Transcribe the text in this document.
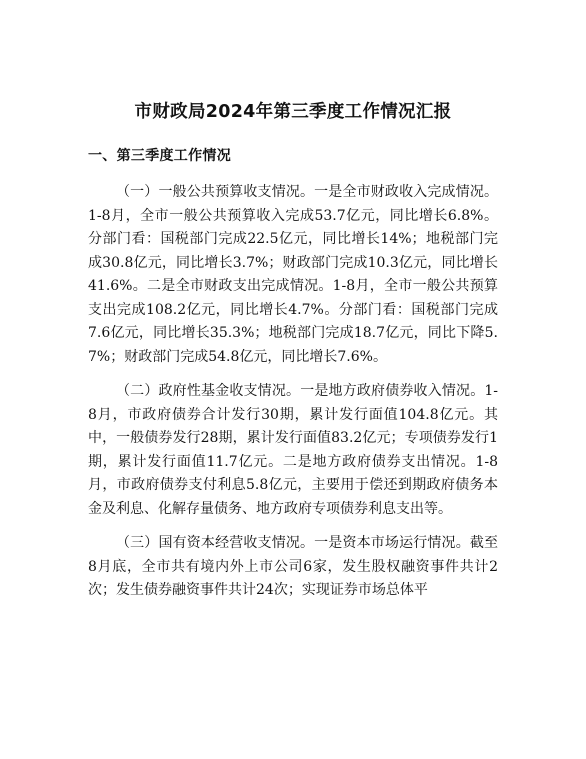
市财政局2024年第三季度工作情况汇报
一、第三季度工作情况

（一）一般公共预算收支情况。一是全市财政收入完成情况。1-8月，全市一般公共预算收入完成53.7亿元，同比增长6.8%。分部门看：国税部门完成22.5亿元，同比增长14%；地税部门完成30.8亿元，同比增长3.7%；财政部门完成10.3亿元，同比增长41.6%。二是全市财政支出完成情况。1-8月，全市一般公共预算支出完成108.2亿元，同比增长4.7%。分部门看：国税部门完成7.6亿元，同比增长35.3%；地税部门完成18.7亿元，同比下降5.7%；财政部门完成54.8亿元，同比增长7.6%。

（二）政府性基金收支情况。一是地方政府债券收入情况。1-8月，市政府债券合计发行30期，累计发行面值104.8亿元。其中，一般债券发行28期，累计发行面值83.2亿元；专项债券发行1期，累计发行面值11.7亿元。二是地方政府债券支出情况。1-8月，市政府债券支付利息5.8亿元，主要用于偿还到期政府债务本金及利息、化解存量债务、地方政府专项债券利息支出等。

（三）国有资本经营收支情况。一是资本市场运行情况。截至8月底，全市共有境内外上市公司6家，发生股权融资事件共计2次；发生债券融资事件共计24次；实现证券市场总体平
